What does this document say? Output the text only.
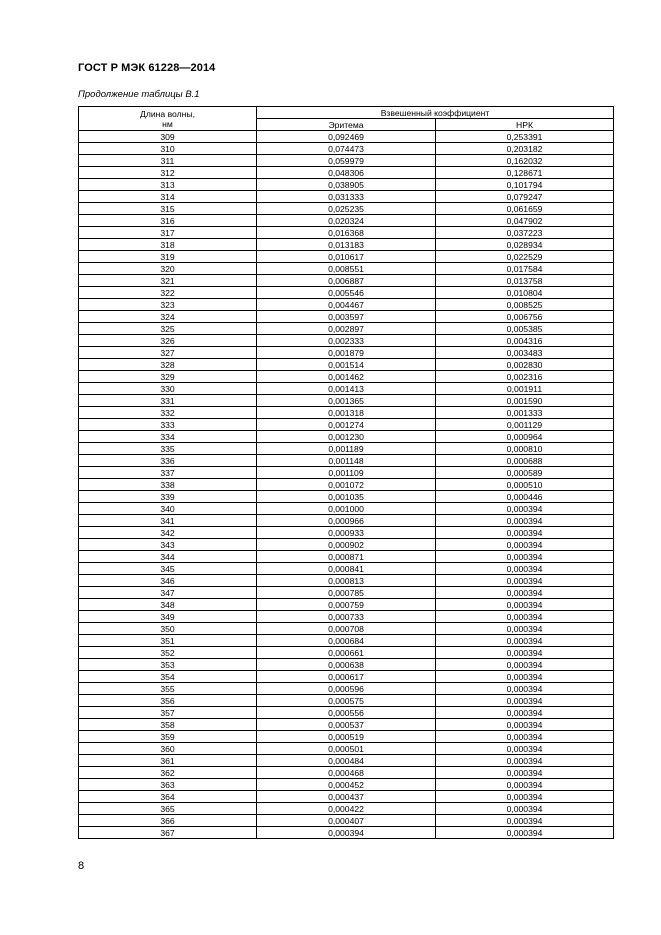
ГОСТ Р МЭК 61228—2014
Продолжение таблицы В.1
Длина волны,
нм	Взвешенный коэффициент	
	Эритема	НРК
309	0,092469	0,253391
310	0,074473	0,203182
311	0,059979	0,162032
312	0,048306	0,128671
313	0,038905	0,101794
314	0,031333	0,079247
315	0,025235	0,061659
316	0,020324	0,047902
317	0,016368	0,037223
318	0,013183	0,028934
319	0,010617	0,022529
320	0,008551	0,017584
321	0,006887	0,013758
322	0,005546	0,010804
323	0,004467	0,008525
324	0,003597	0,006756
325	0,002897	0,005385
326	0,002333	0,004316
327	0,001879	0,003483
328	0,001514	0,002830
329	0,001462	0,002316
330	0,001413	0,001911
331	0,001365	0,001590
332	0,001318	0,001333
333	0,001274	0,001129
334	0,001230	0,000964
335	0,001189	0,000810
336	0,001148	0,000688
337	0,001109	0,000589
338	0,001072	0,000510
339	0,001035	0,000446
340	0,001000	0,000394
341	0,000966	0,000394
342	0,000933	0,000394
343	0,000902	0,000394
344	0,000871	0,000394
345	0,000841	0,000394
346	0,000813	0,000394
347	0,000785	0,000394
348	0,000759	0,000394
349	0,000733	0,000394
350	0,000708	0,000394
351	0,000684	0,000394
352	0,000661	0,000394
353	0,000638	0,000394
354	0,000617	0,000394
355	0,000596	0,000394
356	0,000575	0,000394
357	0,000556	0,000394
358	0,000537	0,000394
359	0,000519	0,000394
360	0,000501	0,000394
361	0,000484	0,000394
362	0,000468	0,000394
363	0,000452	0,000394
364	0,000437	0,000394
365	0,000422	0,000394
366	0,000407	0,000394
367	0,000394	0,000394
8
